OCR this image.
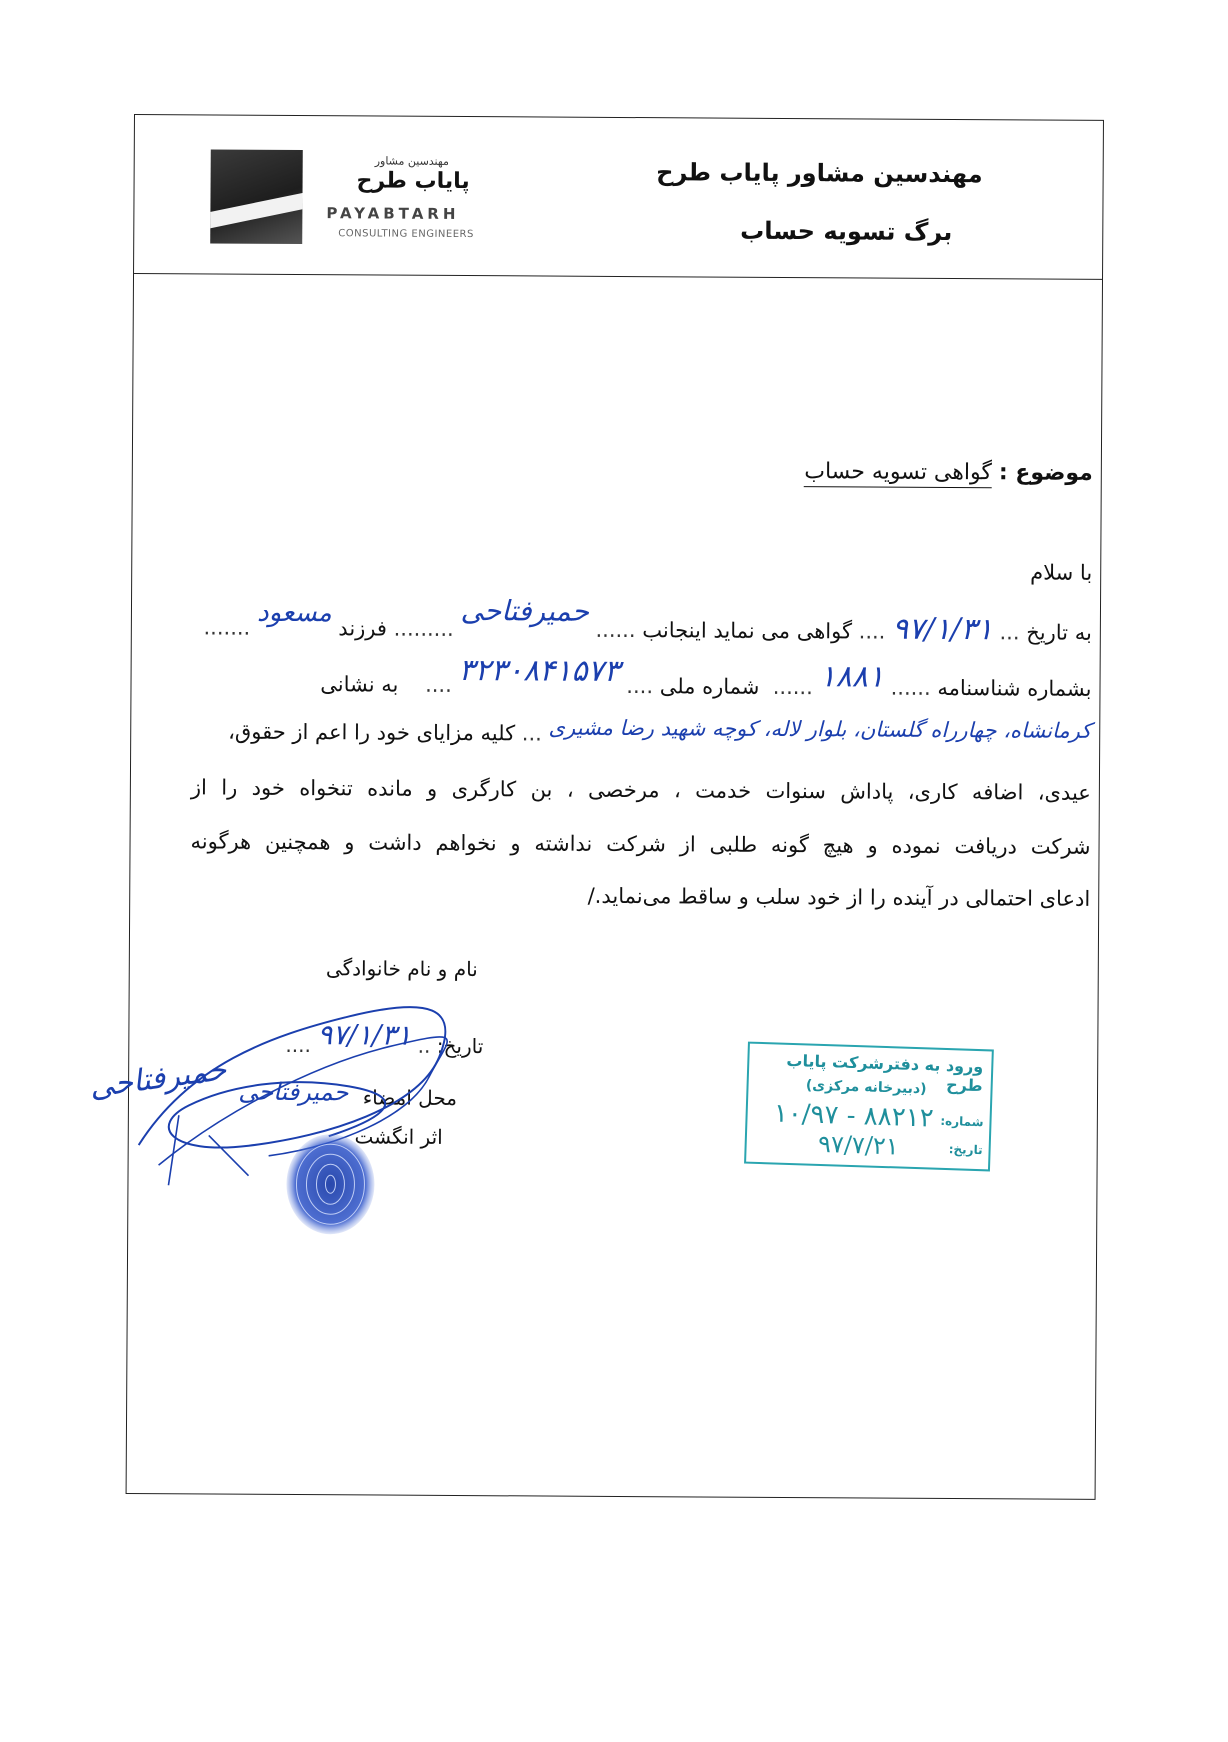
مهندسین مشاور پایاب طرح
برگ تسویه حساب
مهندسین مشاور
پایاب طرح
PAYABTARH
CONSULTING ENGINEERS
موضوع : گواهی تسویه حساب
با سلام
به تاریخ ... ۹۷/۱/۳۱ .... گواهی می نماید اینجانب ...... حمیرفتاحی ......... فرزند مسعود .......
بشماره شناسنامه ...... ۱۸۸۱ ......  شماره ملی .... ۳۲۳۰۸۴۱۵۷۳ ....    به نشانی
کرمانشاه، چهارراه گلستان، بلوار لاله، کوچه شهید رضا مشیری ... کلیه مزایای خود را اعم از حقوق،
عیدی، اضافه کاری، پاداش سنوات خدمت ، مرخصی ، بن کارگری و مانده تنخواه خود را از
شرکت دریافت نموده و هیچ گونه طلبی از شرکت نداشته و نخواهم داشت و همچنین هرگونه
ادعای احتمالی در آینده را از خود سلب و ساقط می‌نماید./
نام و نام خانوادگی
تاریخ: .. ۹۷/۱/۳۱ ....
محل امضاء حمیرفتاحی
اثر انگشت
حمیرفتاحی	ورود به دفترشرکت پایاب طرح
(دبیرخانه مرکزی)
شماره:
۸۸۲۱۲ - ۱۰/۹۷
تاریخ:
۹۷/۷/۲۱
